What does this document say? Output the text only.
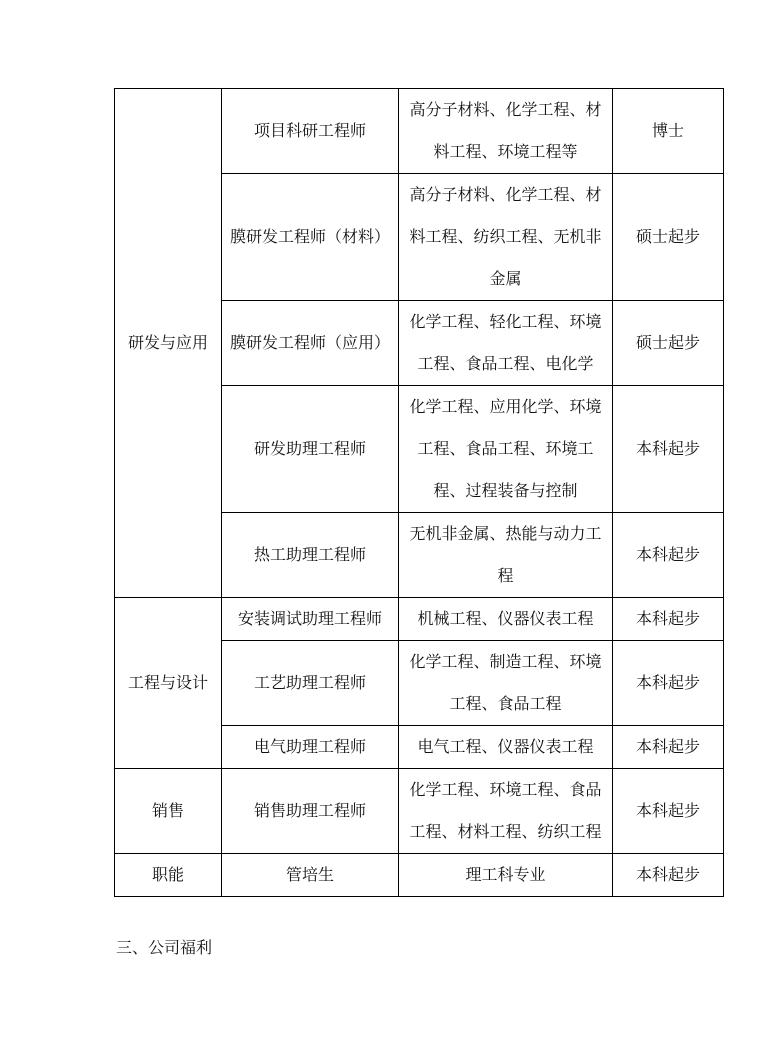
研发与应用	项目科研工程师	高分子材料、化学工程、材料工程、环境工程等	博士
	膜研发工程师（材料）	高分子材料、化学工程、材料工程、纺织工程、无机非金属	硕士起步
	膜研发工程师（应用）	化学工程、轻化工程、环境工程、食品工程、电化学	硕士起步
	研发助理工程师	化学工程、应用化学、环境工程、食品工程、环境工程、过程装备与控制	本科起步
	热工助理工程师	无机非金属、热能与动力工程	本科起步
工程与设计	安装调试助理工程师	机械工程、仪器仪表工程	本科起步
	工艺助理工程师	化学工程、制造工程、环境工程、食品工程	本科起步
	电气助理工程师	电气工程、仪器仪表工程	本科起步
销售	销售助理工程师	化学工程、环境工程、食品工程、材料工程、纺织工程	本科起步
职能	管培生	理工科专业	本科起步
三、公司福利
